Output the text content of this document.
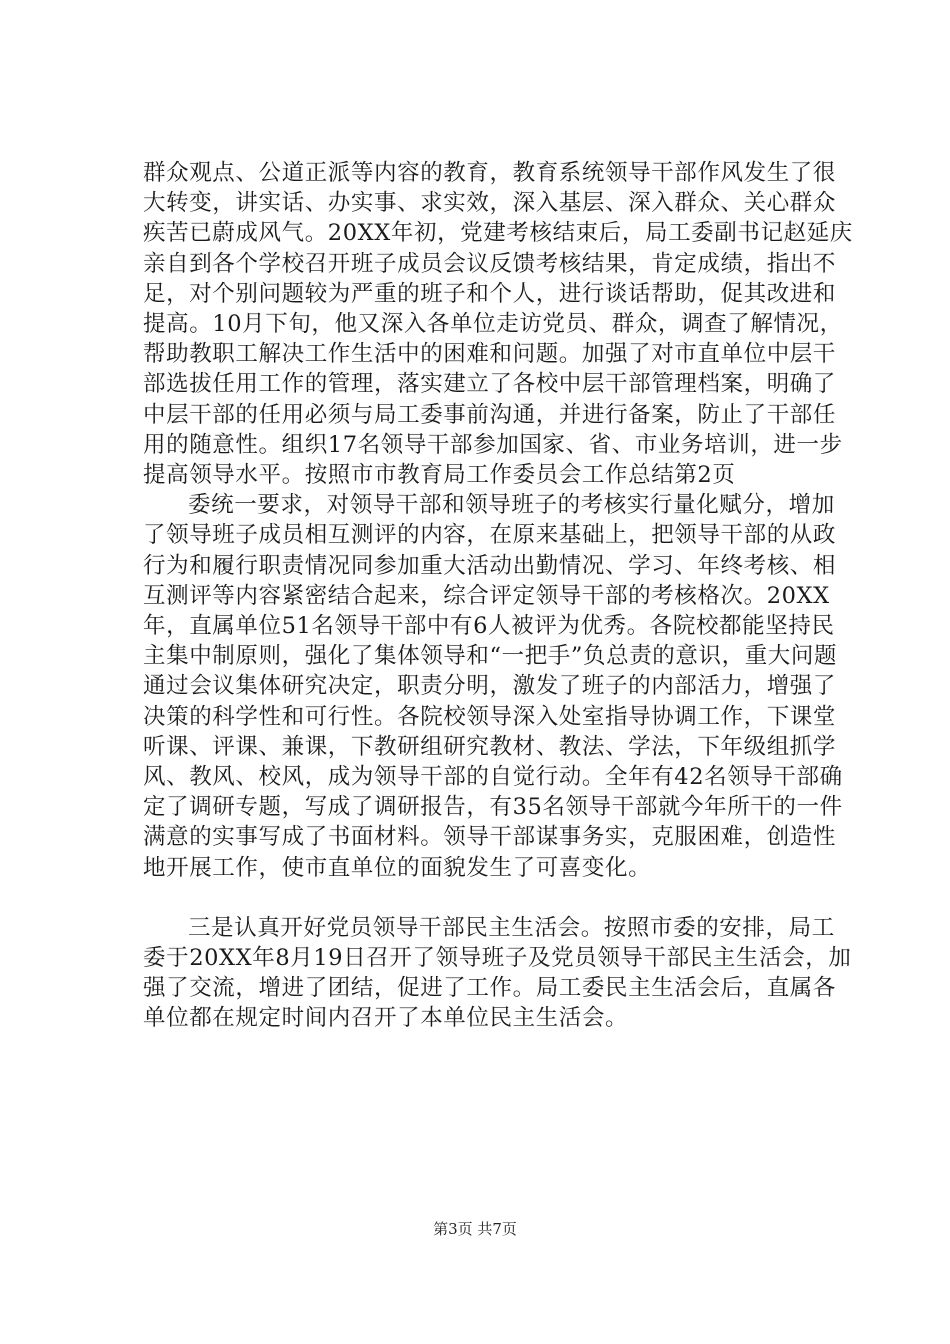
群众观点、公道正派等内容的教育，教育系统领导干部作风发生了很大转变，讲实话、办实事、求实效，深入基层、深入群众、关心群众疾苦已蔚成风气。20XX年初，党建考核结束后，局工委副书记赵延庆亲自到各个学校召开班子成员会议反馈考核结果，肯定成绩，指出不足，对个别问题较为严重的班子和个人，进行谈话帮助，促其改进和提高。10月下旬，他又深入各单位走访党员、群众，调查了解情况，帮助教职工解决工作生活中的困难和问题。加强了对市直单位中层干部选拔任用工作的管理，落实建立了各校中层干部管理档案，明确了中层干部的任用必须与局工委事前沟通，并进行备案，防止了干部任用的随意性。组织17名领导干部参加国家、省、市业务培训，进一步提高领导水平。按照市市教育局工作委员会工作总结第2页

委统一要求，对领导干部和领导班子的考核实行量化赋分，增加了领导班子成员相互测评的内容，在原来基础上，把领导干部的从政行为和履行职责情况同参加重大活动出勤情况、学习、年终考核、相互测评等内容紧密结合起来，综合评定领导干部的考核格次。20XX年，直属单位51名领导干部中有6人被评为优秀。各院校都能坚持民主集中制原则，强化了集体领导和“一把手”负总责的意识，重大问题通过会议集体研究决定，职责分明，激发了班子的内部活力，增强了决策的科学性和可行性。各院校领导深入处室指导协调工作，下课堂听课、评课、兼课，下教研组研究教材、教法、学法，下年级组抓学风、教风、校风，成为领导干部的自觉行动。全年有42名领导干部确定了调研专题，写成了调研报告，有35名领导干部就今年所干的一件满意的实事写成了书面材料。领导干部谋事务实，克服困难，创造性地开展工作，使市直单位的面貌发生了可喜变化。

三是认真开好党员领导干部民主生活会。按照市委的安排，局工委于20XX年8月19日召开了领导班子及党员领导干部民主生活会，加强了交流，增进了团结，促进了工作。局工委民主生活会后，直属各单位都在规定时间内召开了本单位民主生活会。

第3页 共7页
